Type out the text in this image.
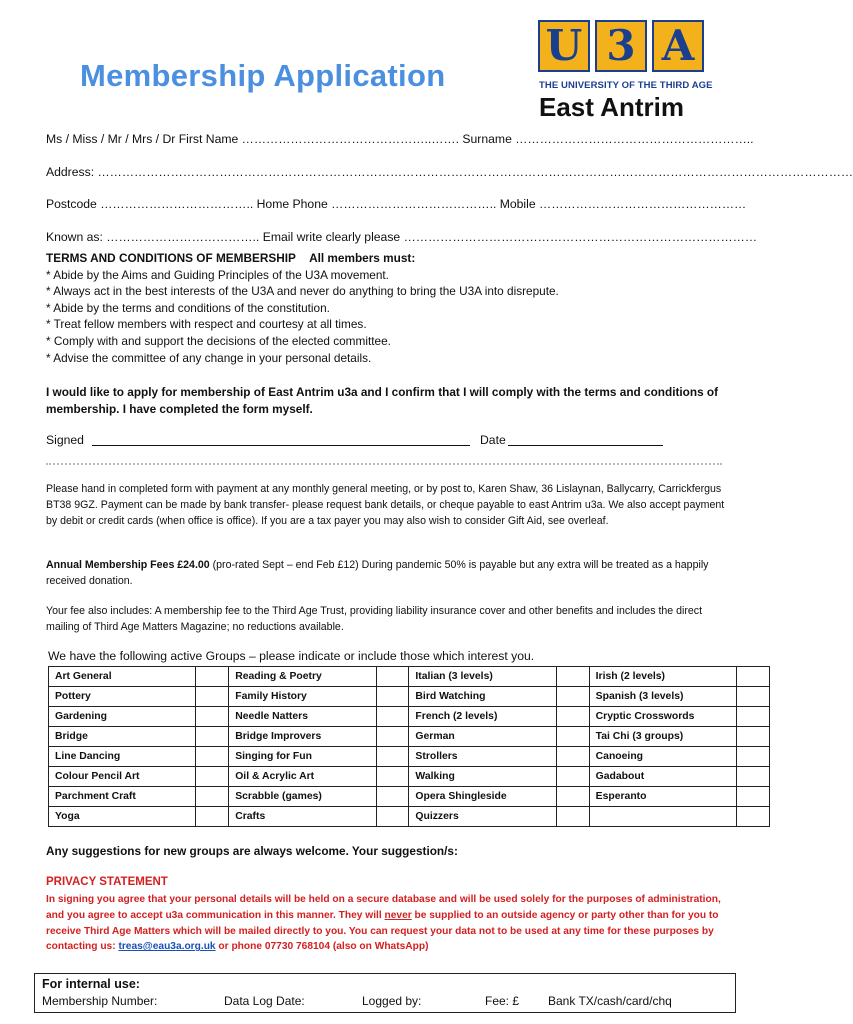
Membership Application
U 3 A
THE UNIVERSITY OF THE THIRD AGE
East Antrim
Ms / Miss / Mr / Mrs / Dr First Name ………………………………………..……. Surname …………………………………………………..
Address: ……………………………………………………………………………………………………………………………………………………………………
Postcode ……………………………….. Home Phone ………………………………….. Mobile ……………………………………………
Known as: ……………………………….. Email write clearly please ……………………………………………………………………………
TERMS AND CONDITIONS OF MEMBERSHIP All members must:
* Abide by the Aims and Guiding Principles of the U3A movement.
* Always act in the best interests of the U3A and never do anything to bring the U3A into disrepute.
* Abide by the terms and conditions of the constitution.
* Treat fellow members with respect and courtesy at all times.
* Comply with and support the decisions of the elected committee.
* Advise the committee of any change in your personal details.
I would like to apply for membership of East Antrim u3a and I confirm that I will comply with the terms and conditions of membership. I have completed the form myself.
Signed	Date
Please hand in completed form with payment at any monthly general meeting, or by post to, Karen Shaw, 36 Lislaynan, Ballycarry, Carrickfergus BT38 9GZ. Payment can be made by bank transfer- please request bank details, or cheque payable to east Antrim u3a. We also accept payment by debit or credit cards (when office is office). If you are a tax payer you may also wish to consider Gift Aid, see overleaf.
Annual Membership Fees £24.00 (pro-rated Sept – end Feb £12) During pandemic 50% is payable but any extra will be treated as a happily received donation.
Your fee also includes: A membership fee to the Third Age Trust, providing liability insurance cover and other benefits and includes the direct mailing of Third Age Matters Magazine; no reductions available.
We have the following active Groups – please indicate or include those which interest you.
Art General		Reading & Poetry		Italian (3 levels)		Irish (2 levels)	
Pottery		Family History		Bird Watching		Spanish (3 levels)	
Gardening		Needle Natters		French (2 levels)		Cryptic Crosswords	
Bridge		Bridge Improvers		German		Tai Chi (3 groups)	
Line Dancing		Singing for Fun		Strollers		Canoeing	
Colour Pencil Art		Oil & Acrylic Art		Walking		Gadabout	
Parchment Craft		Scrabble (games)		Opera Shingleside		Esperanto	
Yoga		Crafts		Quizzers			
Any suggestions for new groups are always welcome. Your suggestion/s:
PRIVACY STATEMENT
In signing you agree that your personal details will be held on a secure database and will be used solely for the purposes of administration, and you agree to accept u3a communication in this manner. They will never be supplied to an outside agency or party other than for you to receive Third Age Matters which will be mailed directly to you. You can request your data not to be used at any time for these purposes by contacting us: treas@eau3a.org.uk or phone 07730 768104 (also on WhatsApp)
For internal use:
Membership Number:	Data Log Date:	Logged by:	Fee: £ Bank TX/cash/card/chq
